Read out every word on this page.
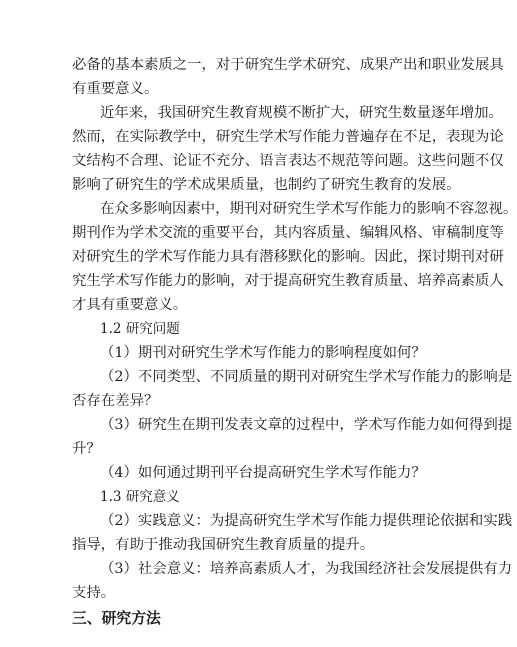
必备的基本素质之一，对于研究生学术研究、成果产出和职业发展具
有重要意义。
近年来，我国研究生教育规模不断扩大，研究生数量逐年增加。
然而，在实际教学中，研究生学术写作能力普遍存在不足，表现为论
文结构不合理、论证不充分、语言表达不规范等问题。这些问题不仅
影响了研究生的学术成果质量，也制约了研究生教育的发展。
在众多影响因素中，期刊对研究生学术写作能力的影响不容忽视。
期刊作为学术交流的重要平台，其内容质量、编辑风格、审稿制度等
对研究生的学术写作能力具有潜移默化的影响。因此，探讨期刊对研
究生学术写作能力的影响，对于提高研究生教育质量、培养高素质人
才具有重要意义。
1.2 研究问题
（1）期刊对研究生学术写作能力的影响程度如何？
（2）不同类型、不同质量的期刊对研究生学术写作能力的影响是
否存在差异？
（3）研究生在期刊发表文章的过程中，学术写作能力如何得到提
升？
（4）如何通过期刊平台提高研究生学术写作能力？
1.3 研究意义
（2）实践意义：为提高研究生学术写作能力提供理论依据和实践
指导，有助于推动我国研究生教育质量的提升。
（3）社会意义：培养高素质人才，为我国经济社会发展提供有力
支持。
三、研究方法
